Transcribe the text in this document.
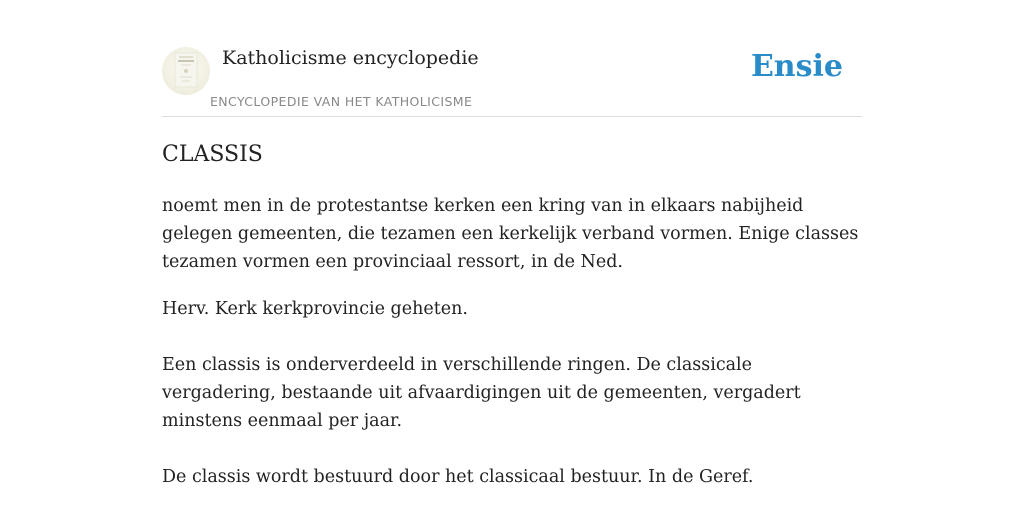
Katholicisme encyclopedie
ENCYCLOPEDIE VAN HET KATHOLICISME
Ensie
CLASSIS

noemt men in de protestantse kerken een kring van in elkaars nabijheid gelegen gemeenten, die tezamen een kerkelijk verband vormen. Enige classes tezamen vormen een provinciaal ressort, in de Ned.

Herv. Kerk kerkprovincie geheten.

Een classis is onderverdeeld in verschillende ringen. De classicale vergadering, bestaande uit afvaardigingen uit de gemeenten, vergadert minstens eenmaal per jaar.

De classis wordt bestuurd door het classicaal bestuur. In de Geref.
